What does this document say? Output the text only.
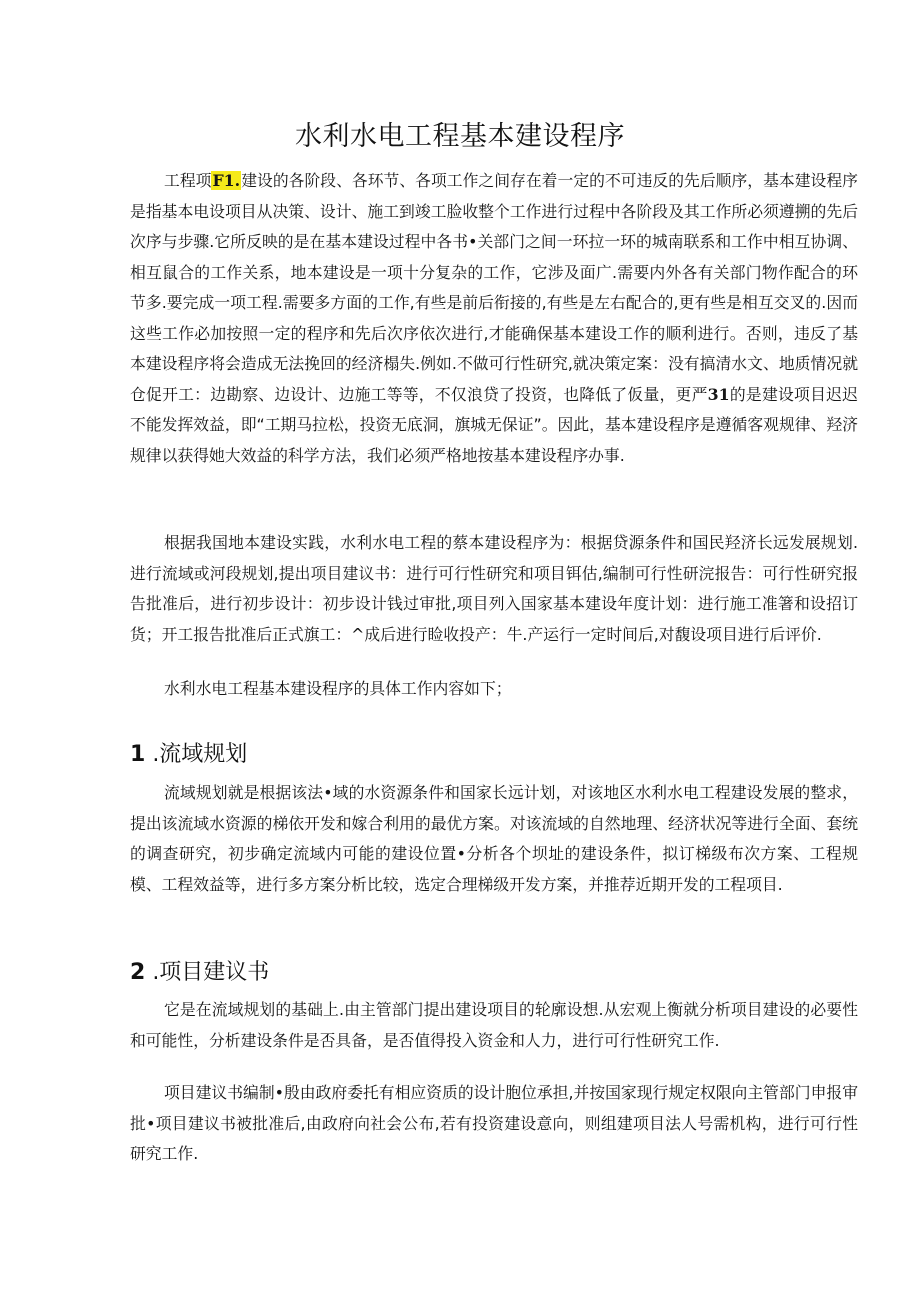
水利水电工程基本建设程序

工程项F1.建设的各阶段、各环节、各项工作之间存在着一定的不可违反的先后顺序，基本建设程序是指基本电设项目从决策、设计、施工到竣工脸收整个工作进行过程中各阶段及其工作所必须遵搠的先后次序与步骤.它所反映的是在基本建设过程中各书•关部门之间一环拉一环的城南联系和工作中相互协调、相互鼠合的工作关系，地本建设是一项十分复杂的工作，它涉及面广.需要内外各有关部门物作配合的环节多.要完成一项工程.需要多方面的工作,有些是前后衔接的,有些是左右配合的,更有些是相互交叉的.因而这些工作必加按照一定的程序和先后次序依次进行,才能确保基本建设工作的顺利进行。否则，违反了基本建设程序将会造成无法挽回的经济榻失.例如.不做可行性研究,就决策定案：没有搞清水文、地质情况就仓促开工：边勘察、边设计、边施工等等，不仅浪贷了投资，也降低了仮量，更严31的是建设项目迟迟不能发挥效益，即“工期马拉松，投资无底洞，旗城无保证”。因此，基本建设程序是遵循客观规律、羟济规律以获得她大效益的科学方法，我们必须严格地按基本建设程序办事.

根据我国地本建设实践，水利水电工程的蔡本建设程序为：根据贷源条件和国民羟济长远发展规划.进行流域或河段规划,提出项目建议书：进行可行性研究和项目铒估,编制可行性研浣报告：可行性研究报告批准后，进行初步设计：初步设计钱过审批,项目列入国家基本建设年度计划：进行施工准箸和设招订货；开工报告批准后正式旗工：^成后进行睑收投产：牛.产运行一定时间后,对馥设项目进行后评价.

水利水电工程基本建设程序的具体工作内容如下；

1 .流域规划

流域规划就是根据该法•域的水资源条件和国家长远计划，对该地区水利水电工程建设发展的整求，提出该流域水资源的梯依开发和嫁合利用的最优方案。对该流域的自然地理、经济状况等进行全面、套统的调查研究，初步确定流域内可能的建设位置•分析各个坝址的建设条件，拟订梯级布次方案、工程规模、工程效益等，进行多方案分析比较，选定合理梯级开发方案，并推荐近期开发的工程项目.

2 .项目建议书

它是在流域规划的基础上.由主管部门提出建设项目的轮廓设想.从宏观上衡就分析项目建设的必要性和可能性，分析建设条件是否具备，是否值得投入资金和人力，进行可行性研究工作.

项目建议书编制•殷由政府委托有相应资质的设计胞位承担,并按国家现行规定权限向主管部门申报审批•项目建议书被批准后,由政府向社会公布,若有投资建设意向，则组建项目法人号需机构，进行可行性研究工作.
